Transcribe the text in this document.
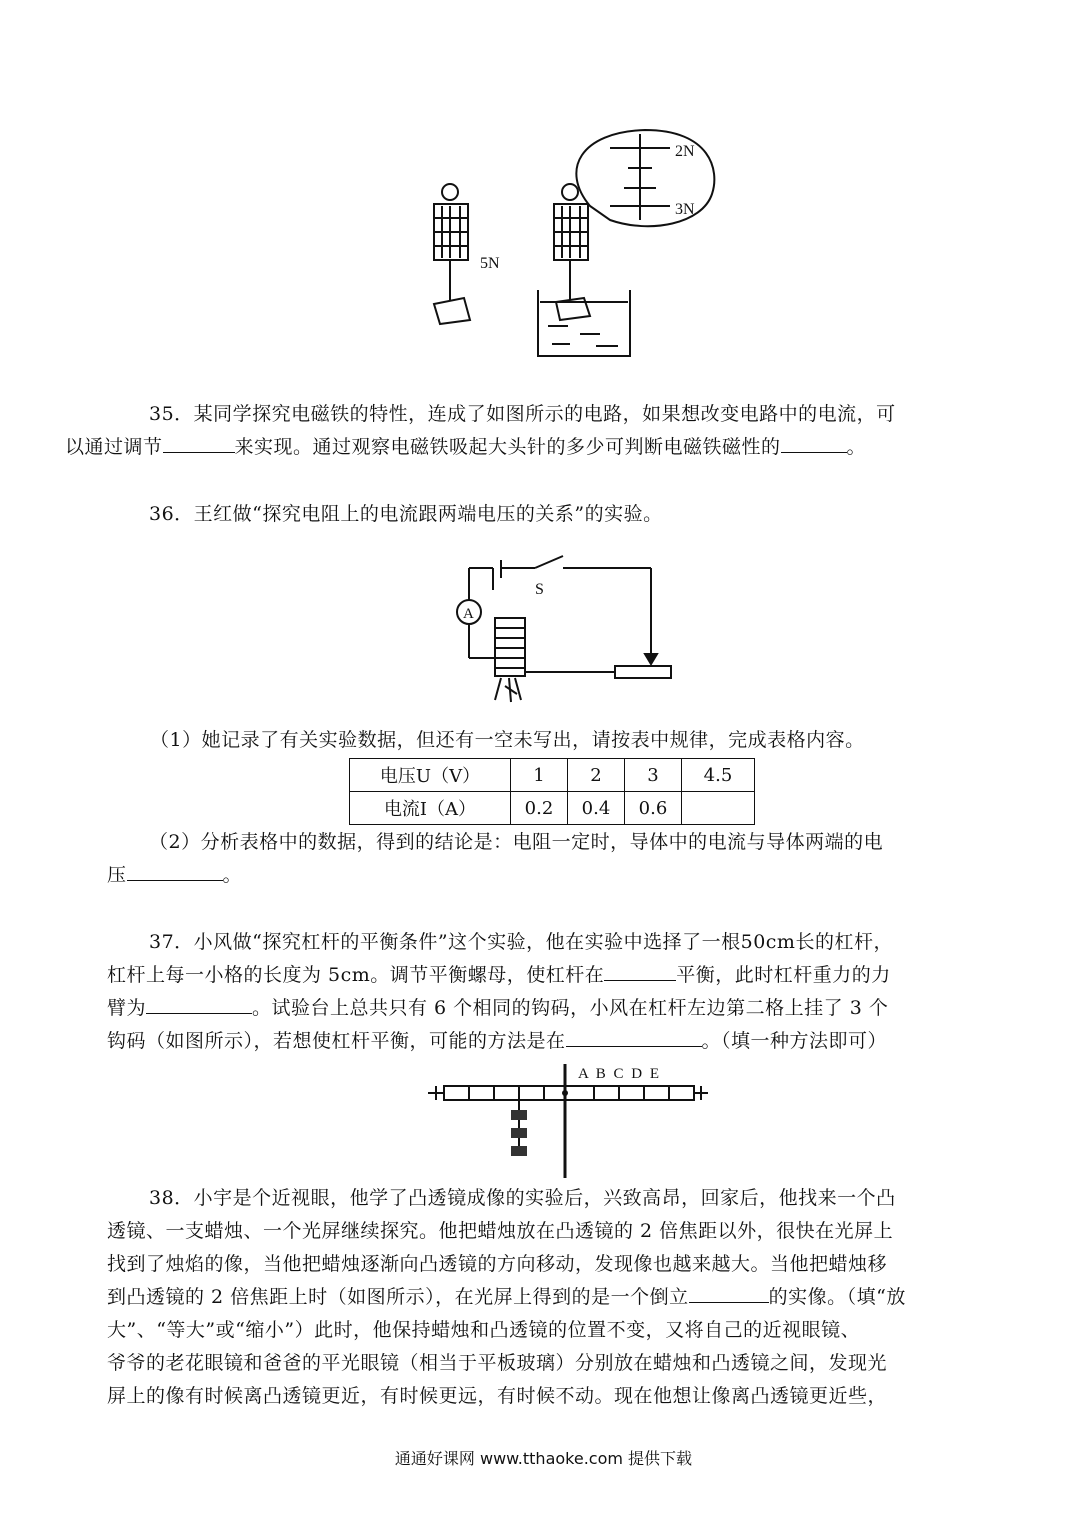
5N
2N
3N
35．某同学探究电磁铁的特性，连成了如图所示的电路，如果想改变电路中的电流，可
以通过调节	来实现。通过观察电磁铁吸起大头针的多少可判断电磁铁磁性的	。
36．王红做“探究电阻上的电流跟两端电压的关系”的实验。
A
S
（1）她记录了有关实验数据，但还有一空未写出，请按表中规律，完成表格内容。
电压U（V）	1	2	3	4.5
电流I（A）	0.2	0.4	0.6	
（2）分析表格中的数据，得到的结论是：电阻一定时，导体中的电流与导体两端的电
压	。
37．小风做“探究杠杆的平衡条件”这个实验，他在实验中选择了一根50cm长的杠杆，
杠杆上每一小格的长度为 5cm。调节平衡螺母，使杠杆在	平衡，此时杠杆重力的力
臂为	。试验台上总共只有 6 个相同的钩码，小风在杠杆左边第二格上挂了 3 个
钩码（如图所示），若想使杠杆平衡，可能的方法是在	。（填一种方法即可）
A B C D E
38．小宇是个近视眼，他学了凸透镜成像的实验后，兴致高昂，回家后，他找来一个凸
透镜、一支蜡烛、一个光屏继续探究。他把蜡烛放在凸透镜的 2 倍焦距以外，很快在光屏上
找到了烛焰的像，当他把蜡烛逐渐向凸透镜的方向移动，发现像也越来越大。当他把蜡烛移
到凸透镜的 2 倍焦距上时（如图所示），在光屏上得到的是一个倒立	的实像。（填“放
大”、“等大”或“缩小”）此时，他保持蜡烛和凸透镜的位置不变，又将自己的近视眼镜、
爷爷的老花眼镜和爸爸的平光眼镜（相当于平板玻璃）分别放在蜡烛和凸透镜之间，发现光
屏上的像有时候离凸透镜更近，有时候更远，有时候不动。现在他想让像离凸透镜更近些，
通通好课网 www.tthaoke.com 提供下载
